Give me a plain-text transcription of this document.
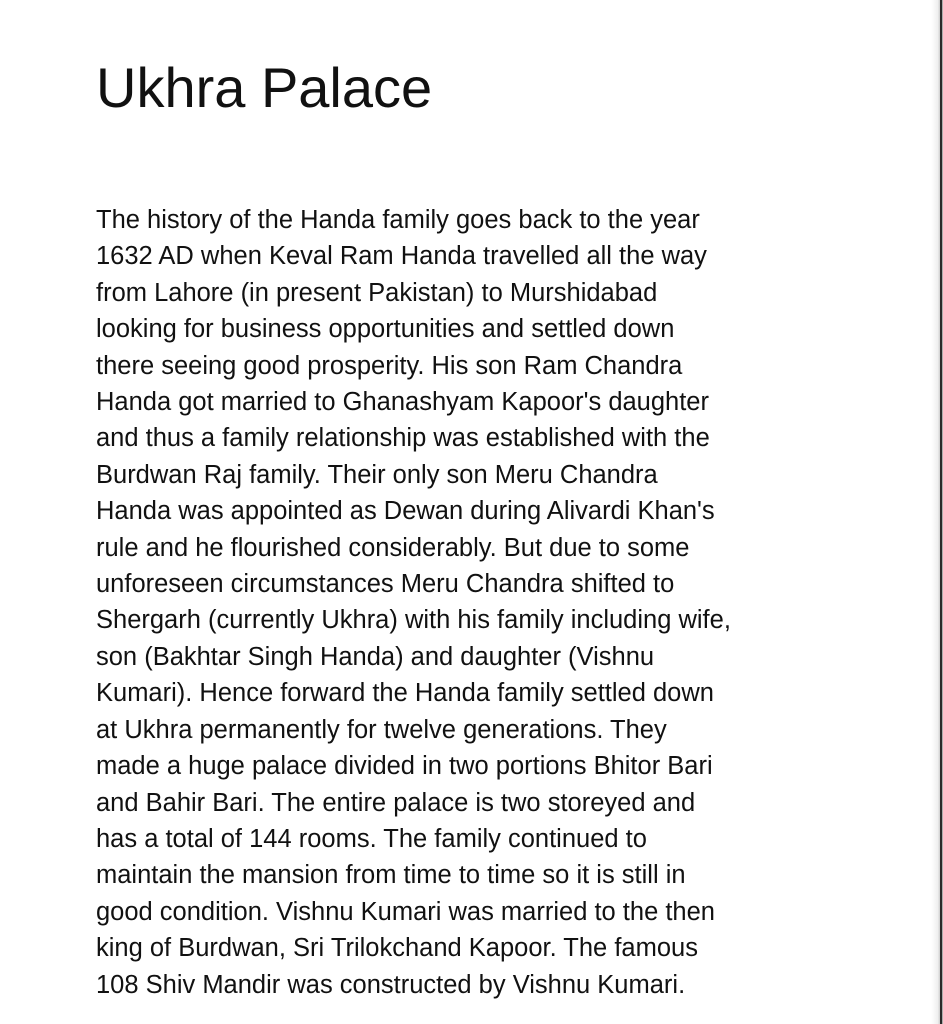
Ukhra Palace
The history of the Handa family goes back to the year
1632 AD when Keval Ram Handa travelled all the way
from Lahore (in present Pakistan) to Murshidabad
looking for business opportunities and settled down
there seeing good prosperity. His son Ram Chandra
Handa got married to Ghanashyam Kapoor's daughter
and thus a family relationship was established with the
Burdwan Raj family. Their only son Meru Chandra
Handa was appointed as Dewan during Alivardi Khan's
rule and he flourished considerably. But due to some
unforeseen circumstances Meru Chandra shifted to
Shergarh (currently Ukhra) with his family including wife,
son (Bakhtar Singh Handa) and daughter (Vishnu
Kumari). Hence forward the Handa family settled down
at Ukhra permanently for twelve generations. They
made a huge palace divided in two portions Bhitor Bari
and Bahir Bari. The entire palace is two storeyed and
has a total of 144 rooms. The family continued to
maintain the mansion from time to time so it is still in
good condition. Vishnu Kumari was married to the then
king of Burdwan, Sri Trilokchand Kapoor. The famous
108 Shiv Mandir was constructed by Vishnu Kumari.
